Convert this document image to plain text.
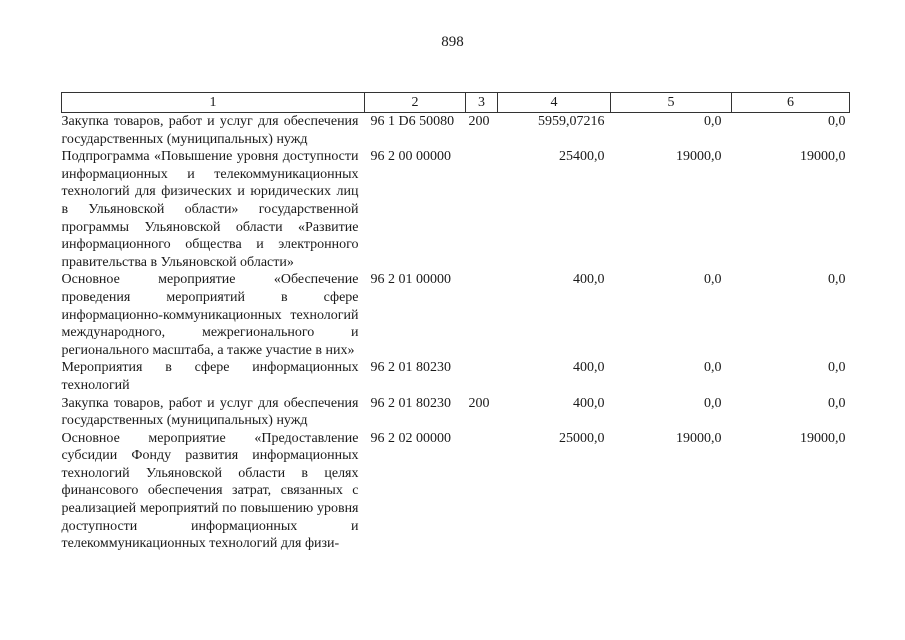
898
1	2	3	4	5	6
Закупка товаров, работ и услуг для обеспечения государственных (муниципальных) нужд	96 1 D6 50080	200	5959,07216	0,0	0,0
Подпрограмма «Повышение уровня доступности информационных и телекоммуникационных технологий для физических и юридических лиц в Ульяновской области» государственной программы Ульяновской области «Развитие информационного общества и электронного правительства в Ульяновской области»	96 2 00 00000		25400,0	19000,0	19000,0
Основное мероприятие «Обеспечение проведения мероприятий в сфере информационно-коммуникационных технологий международного, межрегионального и регионального масштаба, а также участие в них»	96 2 01 00000		400,0	0,0	0,0
Мероприятия в сфере информационных технологий	96 2 01 80230		400,0	0,0	0,0
Закупка товаров, работ и услуг для обеспечения государственных (муниципальных) нужд	96 2 01 80230	200	400,0	0,0	0,0
Основное мероприятие «Предоставление субсидии Фонду развития информационных технологий Ульяновской области в целях финансового обеспечения затрат, связанных с реализацией мероприятий по повышению уровня доступности информационных и телекоммуникационных технологий для физи-	96 2 02 00000		25000,0	19000,0	19000,0
